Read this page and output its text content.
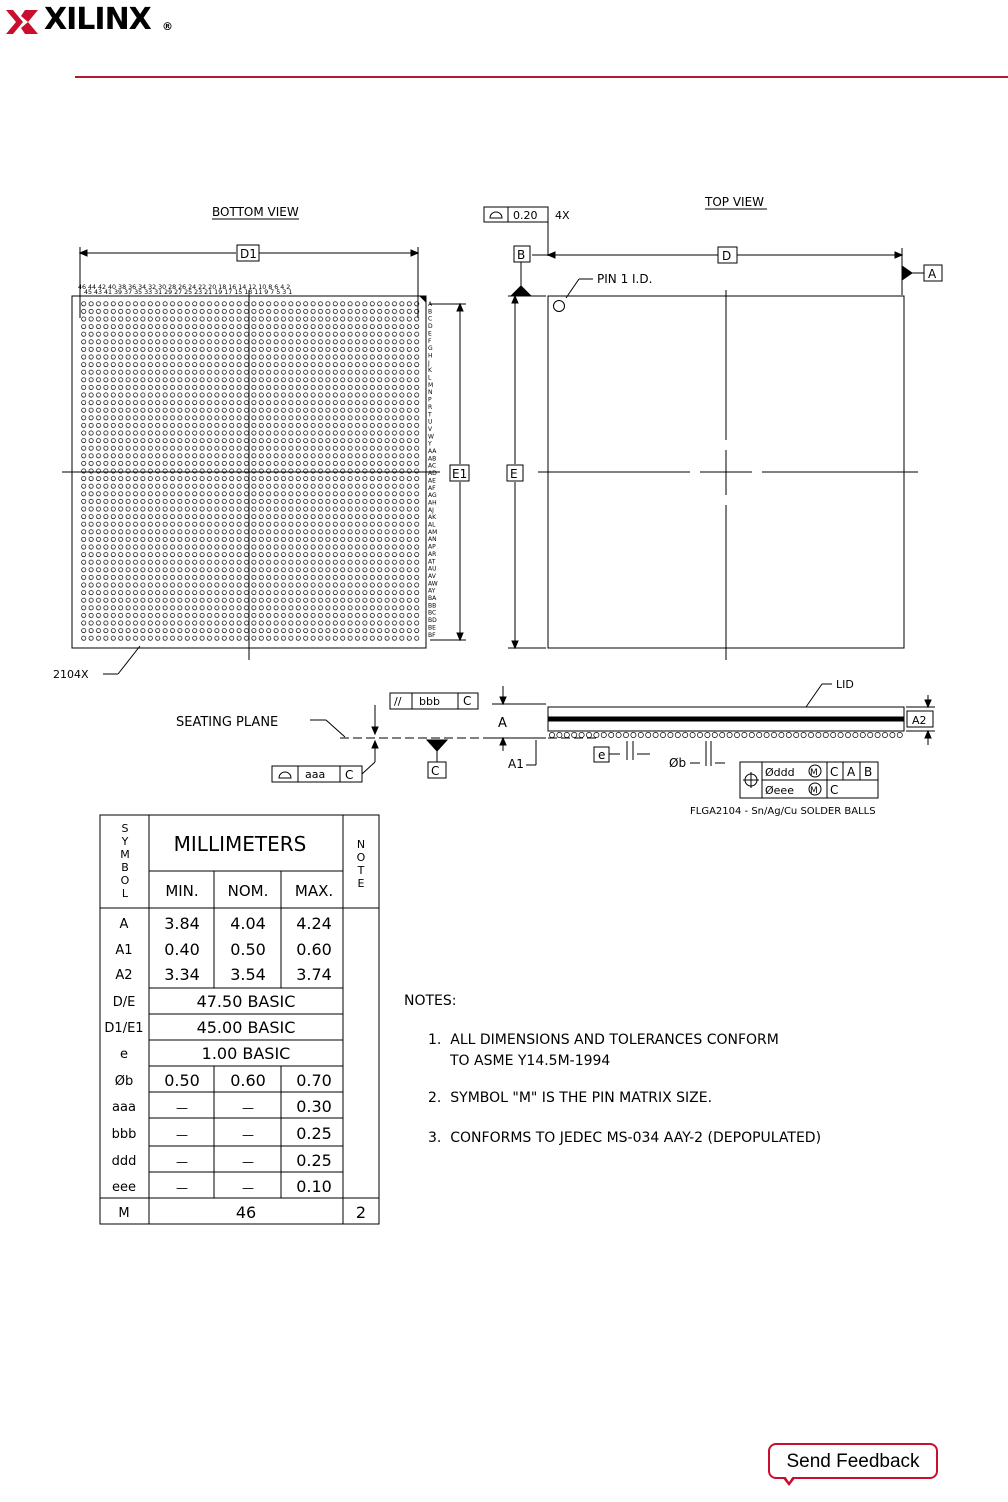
XILINX ®
BOTTOM VIEW
D1
46 44 42 40 38 36 34 32 30 28 26 24 22 20 18 16 14 12 10 8 6 4 2
45 43 41 39 37 35 33 31 29 27 25 23 21 19 17 15 13 11 9 7 5 3 1
A
B
C
D
E
F
G
H
J
K
L
M
N
P
R
T
U
V
W
Y
AA
AB
AC
AD
AE
AF
AG
AH
AJ
AK
AL
AM
AN
AP
AR
AT
AU
AV
AW
AY
BA
BB
BC
BD
BE
BF
E1
2104X
TOP VIEW
0.20 4X
D
B
A
PIN 1 I.D.
E
// bbb C
A
A1
LID
A2
SEATING PLANE
aaa C	C
e
Øb
Øddd M C A B
Øeee M C
FLGA2104 - Sn/Ag/Cu SOLDER BALLS
S
Y
M
B
O
L
N
O
T
E
MILLIMETERS
MIN. NOM. MAX.
A 3.84 4.04 4.24
A1 0.40 0.50 0.60
A2 3.34 3.54 3.74
D/E	47.50 BASIC
D1/E1	45.00 BASIC
e	1.00 BASIC
Øb 0.50 0.60 0.70
aaa	—	—	0.30
bbb	—	—	0.25
ddd	—	—	0.25
eee	—	—	0.10
M	46	2
NOTES:
1.  ALL DIMENSIONS AND TOLERANCES CONFORM
TO ASME Y14.5M-1994
2.  SYMBOL "M" IS THE PIN MATRIX SIZE.
3.  CONFORMS TO JEDEC MS-034 AAY-2 (DEPOPULATED)
Send Feedback
